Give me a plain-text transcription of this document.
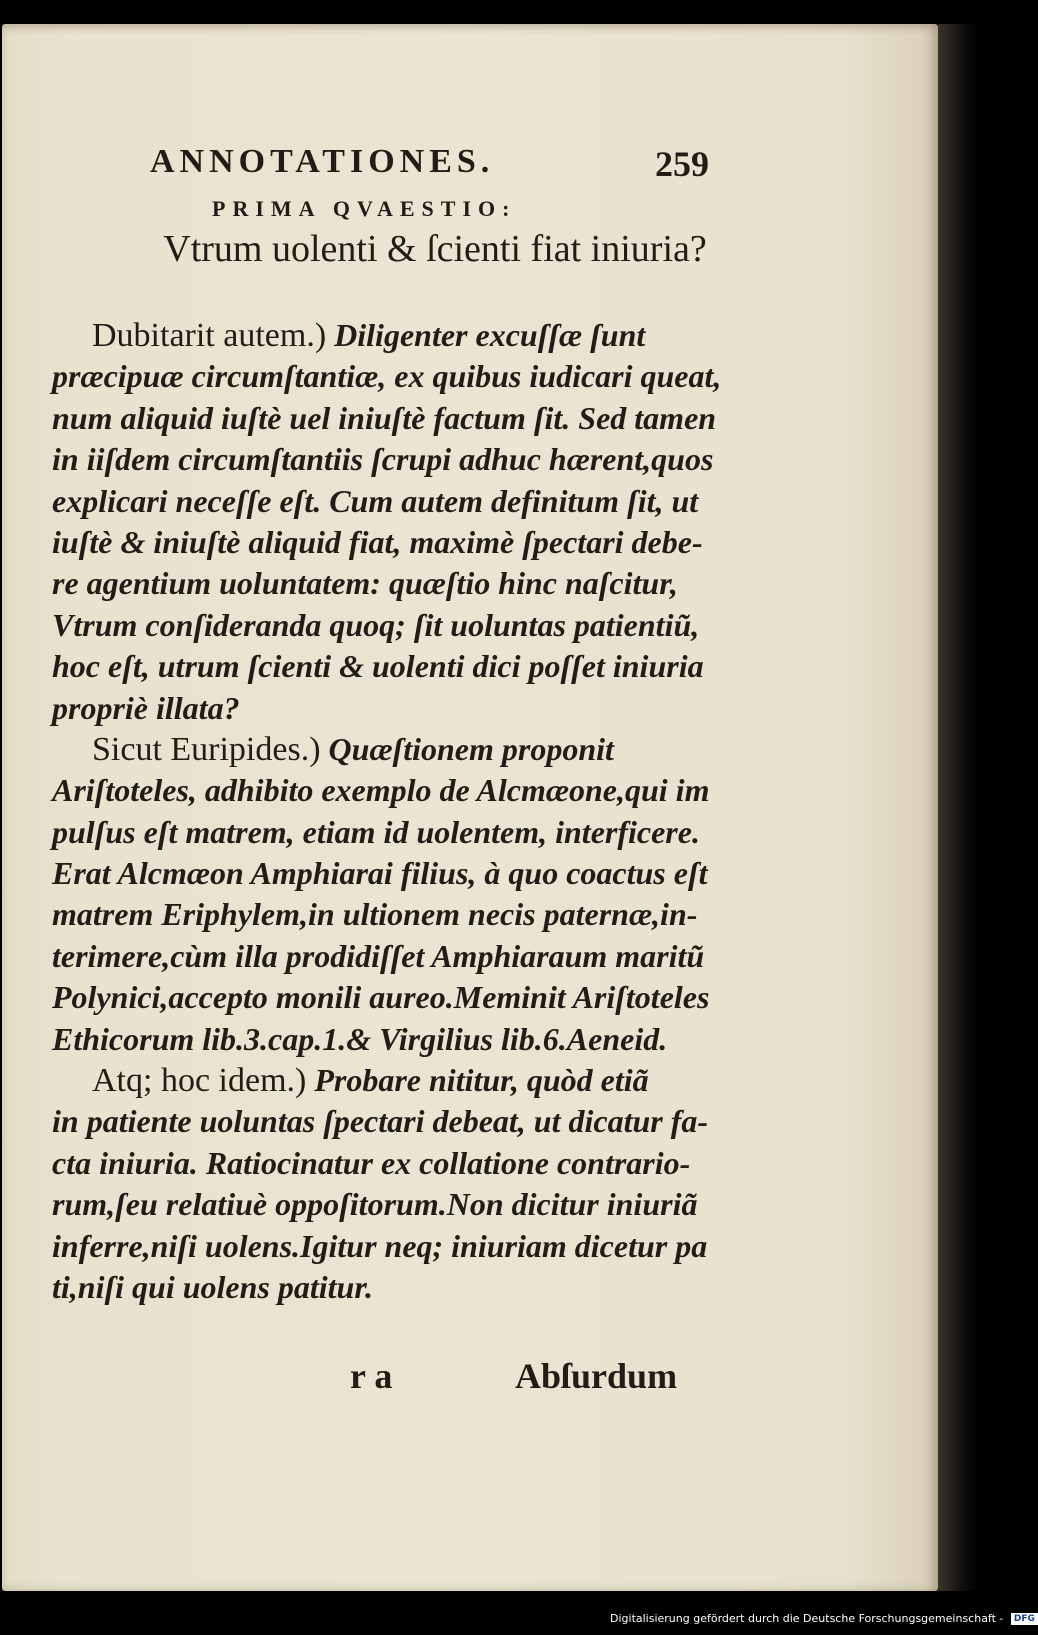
ANNOTATIONES.	259
PRIMA QVAESTIO:
Vtrum uolenti & ſcienti fiat iniuria?
Dubitarit autem.) Diligenter excuſſæ ſunt
præcipuæ circumſtantiæ, ex quibus iudicari queat,
num aliquid iuſtè uel iniuſtè factum ſit. Sed tamen
in iiſdem circumſtantiis ſcrupi adhuc hærent,quos
explicari neceſſe eſt. Cum autem definitum ſit, ut
iuſtè & iniuſtè aliquid fiat, maximè ſpectari debe-
re agentium uoluntatem: quæſtio hinc naſcitur,
Vtrum conſideranda quoq; ſit uoluntas patientiũ,
hoc eſt, utrum ſcienti & uolenti dici poſſet iniuria
propriè illata?
Sicut Euripides.) Quæſtionem proponit
Ariſtoteles, adhibito exemplo de Alcmæone,qui im
pulſus eſt matrem, etiam id uolentem, interficere.
Erat Alcmæon Amphiarai filius, à quo coactus eſt
matrem Eriphylem,in ultionem necis paternæ,in-
terimere,cùm illa prodidiſſet Amphiaraum maritũ
Polynici,accepto monili aureo.Meminit Ariſtoteles
Ethicorum lib.3.cap.1.& Virgilius lib.6.Aeneid.
Atq; hoc idem.) Probare nititur, quòd etiã
in patiente uoluntas ſpectari debeat, ut dicatur fa-
cta iniuria. Ratiocinatur ex collatione contrario-
rum,ſeu relatiuè oppoſitorum.Non dicitur iniuriã
inferre,niſi uolens.Igitur neq; iniuriam dicetur pa
ti,niſi qui uolens patitur.
r a	Abſurdum
Digitalisierung gefördert durch die Deutsche Forschungsgemeinschaft - DFG
